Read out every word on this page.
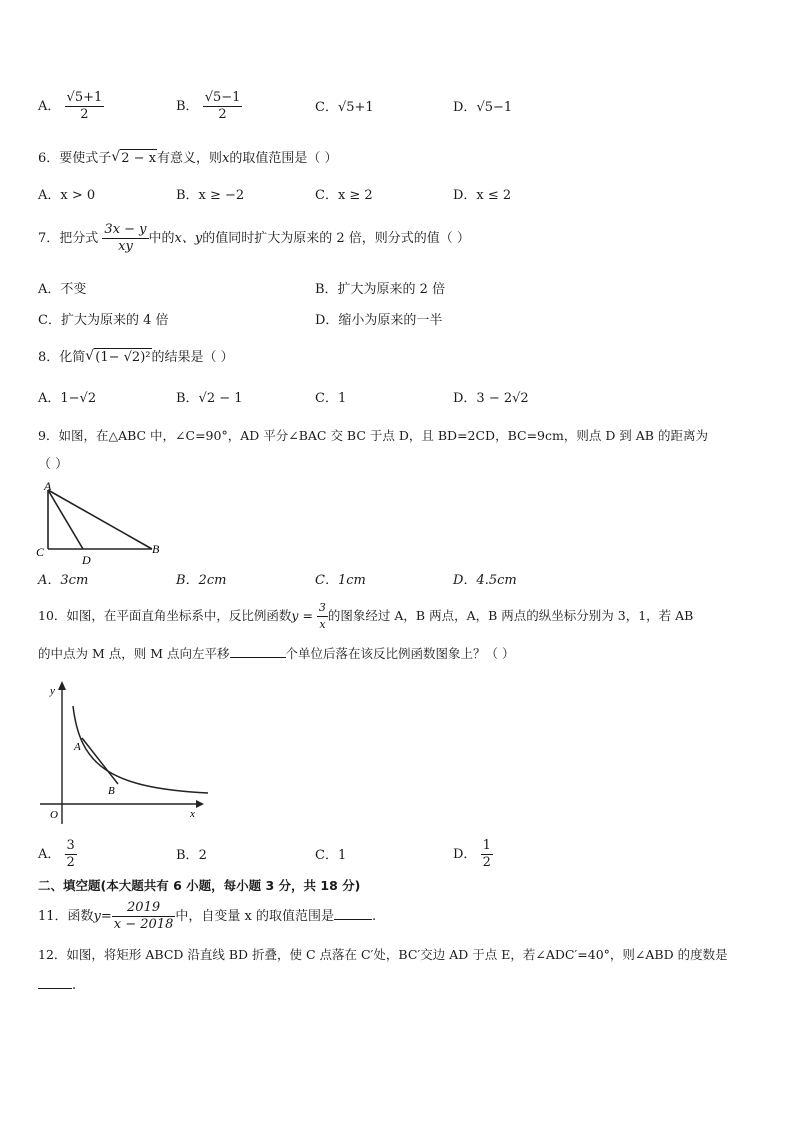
A． $\frac{√5+1}{2}$	B． $\frac{√5-1}{2}$	C．√5+1	D．√5−1
6．要使式子 √ 2 − x有意义，则x的取值范围是（ ）
A．x > 0	B．x ≥ −2	C．x ≥ 2	D．x ≤ 2
7．把分式 $\frac{3x - y}{xy}$ 中的x、y的值同时扩大为原来的 2 倍，则分式的值（ ）
A．不变	B．扩大为原来的 2 倍
C．扩大为原来的 4 倍	D．缩小为原来的一半
8．化简 √ (1− √2)²的结果是（ ）
A．1−√2	B．√2 − 1	C．1	D．3 − 2√2
9．如图，在△ABC 中，∠C=90°，AD 平分∠BAC 交 BC 于点 D，且 BD=2CD，BC=9cm，则点 D 到 AB 的距离为
（ ）
A
C
D
B
A．3cm	B．2cm	C．1cm	D．4.5cm
10．如图，在平面直角坐标系中，反比例函数$y = \frac{3}{x}$ 的图象经过 A，B 两点，A，B 两点的纵坐标分别为 3，1，若 AB
的中点为 M 点，则 M 点向左平移	个单位后落在该反比例函数图象上？（ ）
y
x
O
A
B
A． $\frac{3}{2}$	B．2	C．1	D． $\frac{1}{2}$
二、填空题(本大题共有 6 小题，每小题 3 分，共 18 分)
11．函数$y= \frac{2019}{x - 2018}$ 中，自变量 x 的取值范围是	.
12．如图，将矩形 ABCD 沿直线 BD 折叠，使 C 点落在 C′处，BC′交边 AD 于点 E，若∠ADC′=40°，则∠ABD 的度数是
.
